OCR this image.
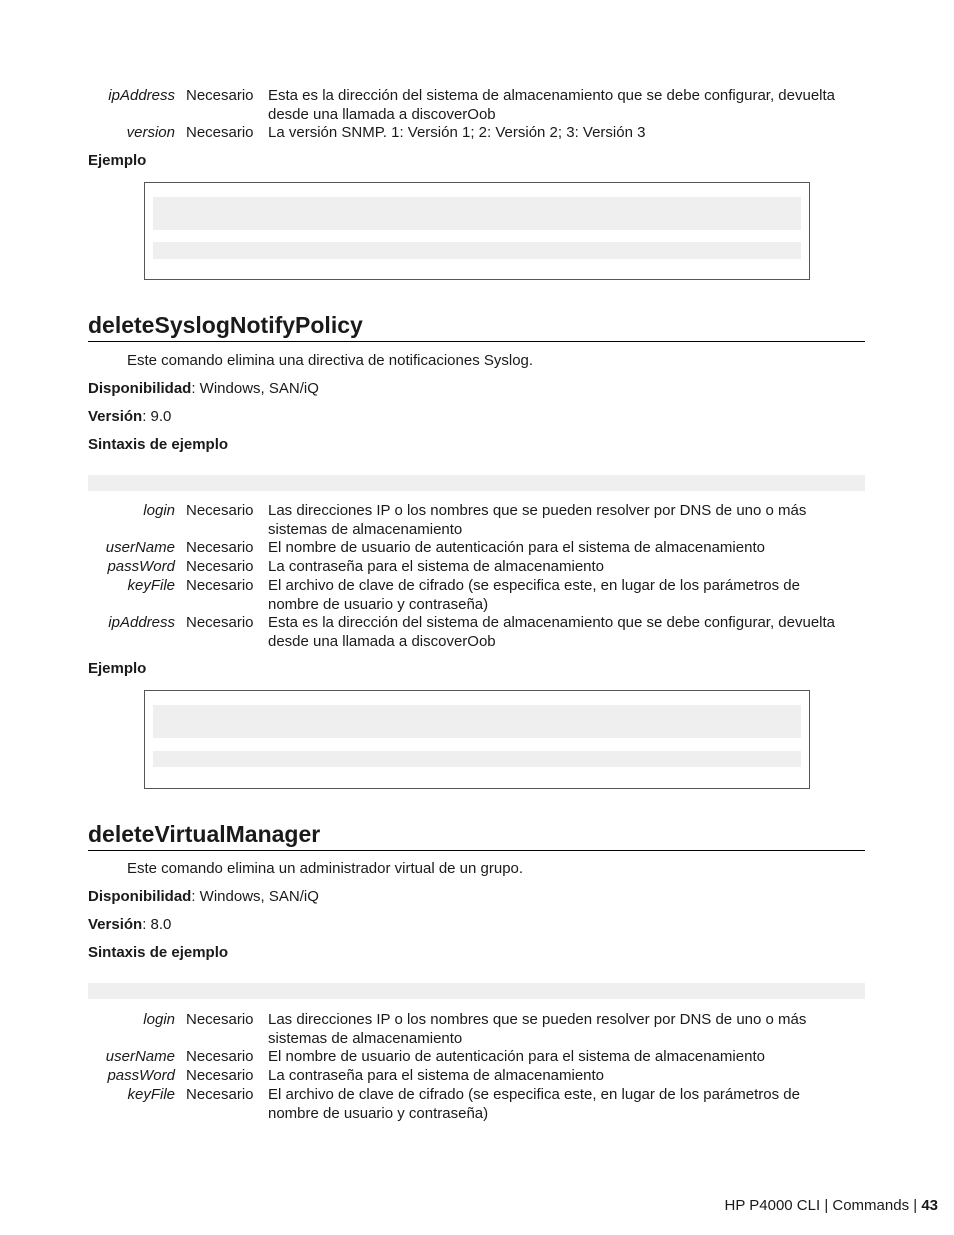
ipAddress Necesario Esta es la dirección del sistema de almacenamiento que se debe configurar, devuelta desde una llamada a discoverOob
version Necesario La versión SNMP. 1: Versión 1; 2: Versión 2; 3: Versión 3
Ejemplo
deleteSyslogNotifyPolicy
Este comando elimina una directiva de notificaciones Syslog.
Disponibilidad: Windows, SAN/iQ
Versión: 9.0
Sintaxis de ejemplo
login Necesario Las direcciones IP o los nombres que se pueden resolver por DNS de uno o más sistemas de almacenamiento
userName Necesario El nombre de usuario de autenticación para el sistema de almacenamiento
passWord Necesario La contraseña para el sistema de almacenamiento
keyFile Necesario El archivo de clave de cifrado (se especifica este, en lugar de los parámetros de nombre de usuario y contraseña)
ipAddress Necesario Esta es la dirección del sistema de almacenamiento que se debe configurar, devuelta desde una llamada a discoverOob
Ejemplo
deleteVirtualManager
Este comando elimina un administrador virtual de un grupo.
Disponibilidad: Windows, SAN/iQ
Versión: 8.0
Sintaxis de ejemplo
login Necesario Las direcciones IP o los nombres que se pueden resolver por DNS de uno o más sistemas de almacenamiento
userName Necesario El nombre de usuario de autenticación para el sistema de almacenamiento
passWord Necesario La contraseña para el sistema de almacenamiento
keyFile Necesario El archivo de clave de cifrado (se especifica este, en lugar de los parámetros de nombre de usuario y contraseña)
HP P4000 CLI | Commands | 43
